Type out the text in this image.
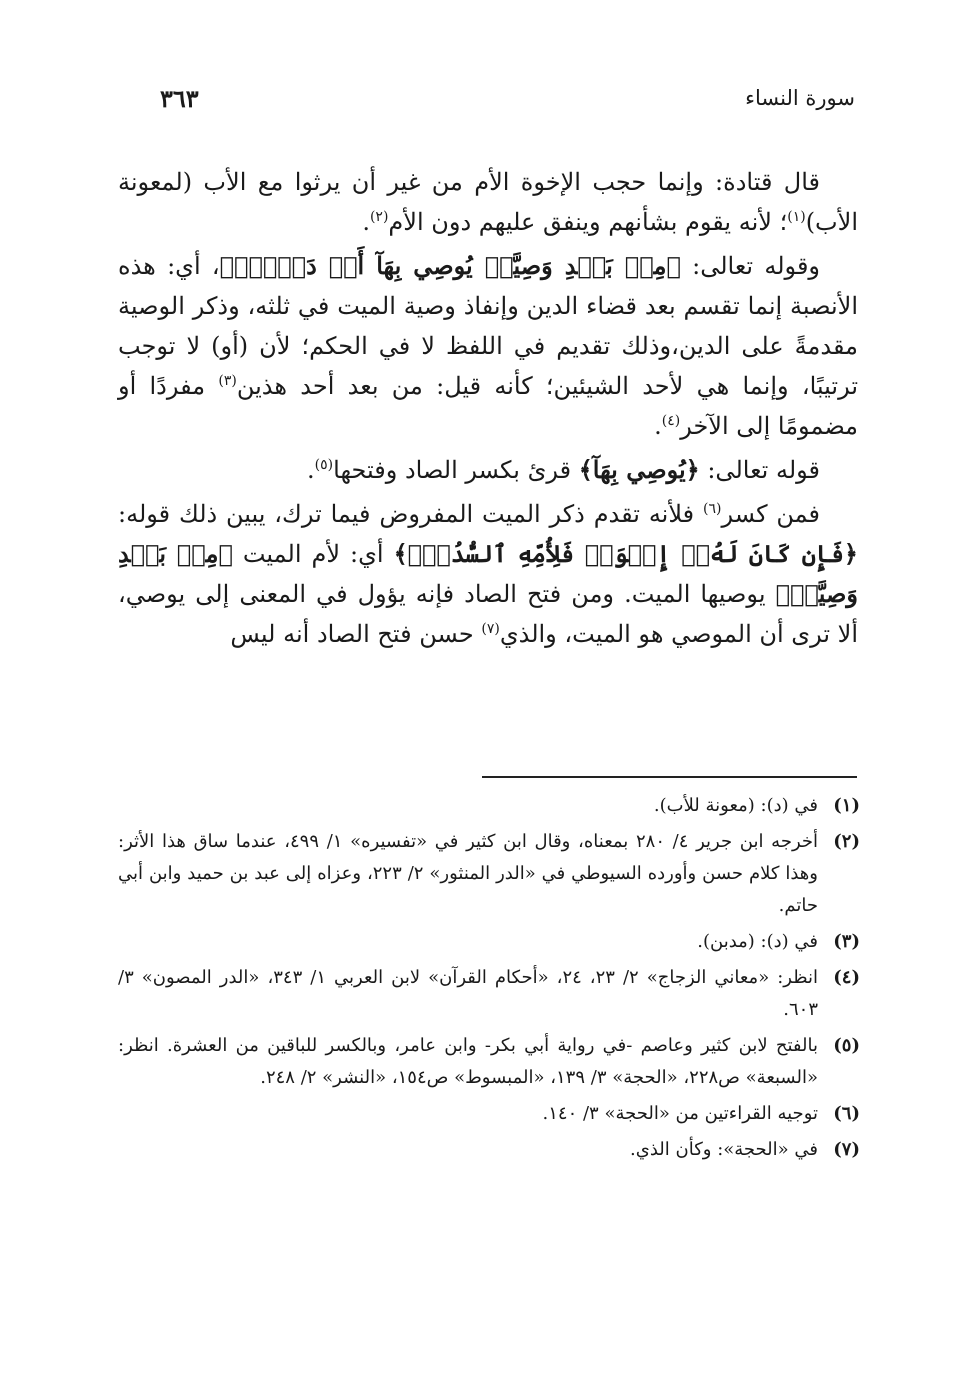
٣٦٣	سورة النساء

قال قتادة: وإنما حجب الإخوة الأم من غير أن يرثوا مع الأب (لمعونة الأب)$^{(١)}$؛ لأنه يقوم بشأنهم وينفق عليهم دون الأم$^{(٢)}$.

وقوله تعالى: ﴿مِنۢ بَعۡدِ وَصِيَّةٖ يُوصِي بِهَآ أَوۡ دَيۡنٍۗ﴾، أي: هذه الأنصبة إنما تقسم بعد قضاء الدين وإنفاذ وصية الميت في ثلثه، وذكر الوصية مقدمةً على الدين،وذلك تقديم في اللفظ لا في الحكم؛ لأن (أو) لا توجب ترتيبًا، وإنما هي لأحد الشيئين؛ كأنه قيل: من بعد أحد هذين$^{(٣)}$ مفردًا أو مضمومًا إلى الآخر$^{(٤)}$.

قوله تعالى: ﴿يُوصِي بِهَآ﴾ قرئ بكسر الصاد وفتحها$^{(٥)}$.

فمن كسر$^{(٦)}$ فلأنه تقدم ذكر الميت المفروض فيما ترك، يبين ذلك قوله: ﴿فَإِن كَانَ لَهُۥٓ إِخۡوَةٞ فَلِأُمِّهِ ٱلسُّدُسُۚ﴾ أي: لأم الميت ﴿مِنۢ بَعۡدِ وَصِيَّةٖ﴾ يوصيها الميت. ومن فتح الصاد فإنه يؤول في المعنى إلى يوصي، ألا ترى أن الموصي هو الميت، والذي$^{(٧)}$ حسن فتح الصاد أنه ليس

(١)
في (د): (معونة للأب).
(٢)
أخرجه ابن جرير ٤/ ٢٨٠ بمعناه، وقال ابن كثير في «تفسيره» ١/ ٤٩٩، عندما ساق هذا الأثر: وهذا كلام حسن وأورده السيوطي في «الدر المنثور» ٢/ ٢٢٣، وعزاه إلى عبد بن حميد وابن أبي حاتم.
(٣)
في (د): (مدبن).
(٤)
انظر: «معاني الزجاج» ٢/ ٢٣، ٢٤، «أحكام القرآن» لابن العربي ١/ ٣٤٣، «الدر المصون» ٣/ ٦٠٣.
(٥)
بالفتح لابن كثير وعاصم -في رواية أبي بكر- وابن عامر، وبالكسر للباقين من العشرة. انظر: «السبعة» ص٢٢٨، «الحجة» ٣/ ١٣٩، «المبسوط» ص١٥٤، «النشر» ٢/ ٢٤٨.
(٦)
توجيه القراءتين من «الحجة» ٣/ ١٤٠.
(٧)
في «الحجة»: وكأن الذي.
